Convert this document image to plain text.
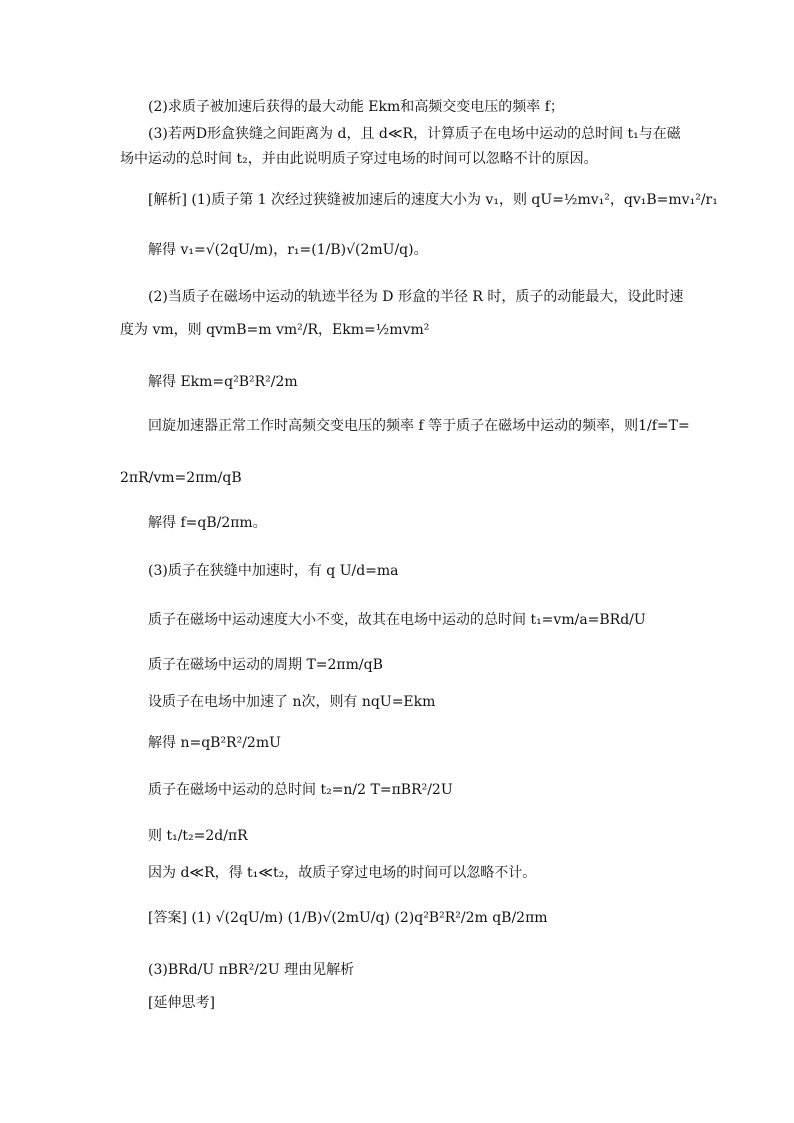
(2)求质子被加速后获得的最大动能 Ekm和高频交变电压的频率 f；
(3)若两D形盒狭缝之间距离为 d，且 d≪R，计算质子在电场中运动的总时间 t₁与在磁
场中运动的总时间 t₂，并由此说明质子穿过电场的时间可以忽略不计的原因。
[解析] (1)质子第 1 次经过狭缝被加速后的速度大小为 v₁，则 qU=½mv₁²，qv₁B=mv₁²/r₁
解得 v₁=√(2qU/m)，r₁=(1/B)√(2mU/q)。
(2)当质子在磁场中运动的轨迹半径为 D 形盒的半径 R 时，质子的动能最大，设此时速
度为 vm，则 qvmB=m vm²/R，Ekm=½mvm²
解得 Ekm=q²B²R²/2m
回旋加速器正常工作时高频交变电压的频率 f 等于质子在磁场中运动的频率，则1/f=T=
2πR/vm=2πm/qB
解得 f=qB/2πm。
(3)质子在狭缝中加速时，有 q U/d=ma
质子在磁场中运动速度大小不变，故其在电场中运动的总时间 t₁=vm/a=BRd/U
质子在磁场中运动的周期 T=2πm/qB
设质子在电场中加速了 n次，则有 nqU=Ekm
解得 n=qB²R²/2mU
质子在磁场中运动的总时间 t₂=n/2 T=πBR²/2U
则 t₁/t₂=2d/πR
因为 d≪R，得 t₁≪t₂，故质子穿过电场的时间可以忽略不计。
[答案] (1) √(2qU/m) (1/B)√(2mU/q) (2)q²B²R²/2m qB/2πm
(3)BRd/U πBR²/2U 理由见解析
[延伸思考]
